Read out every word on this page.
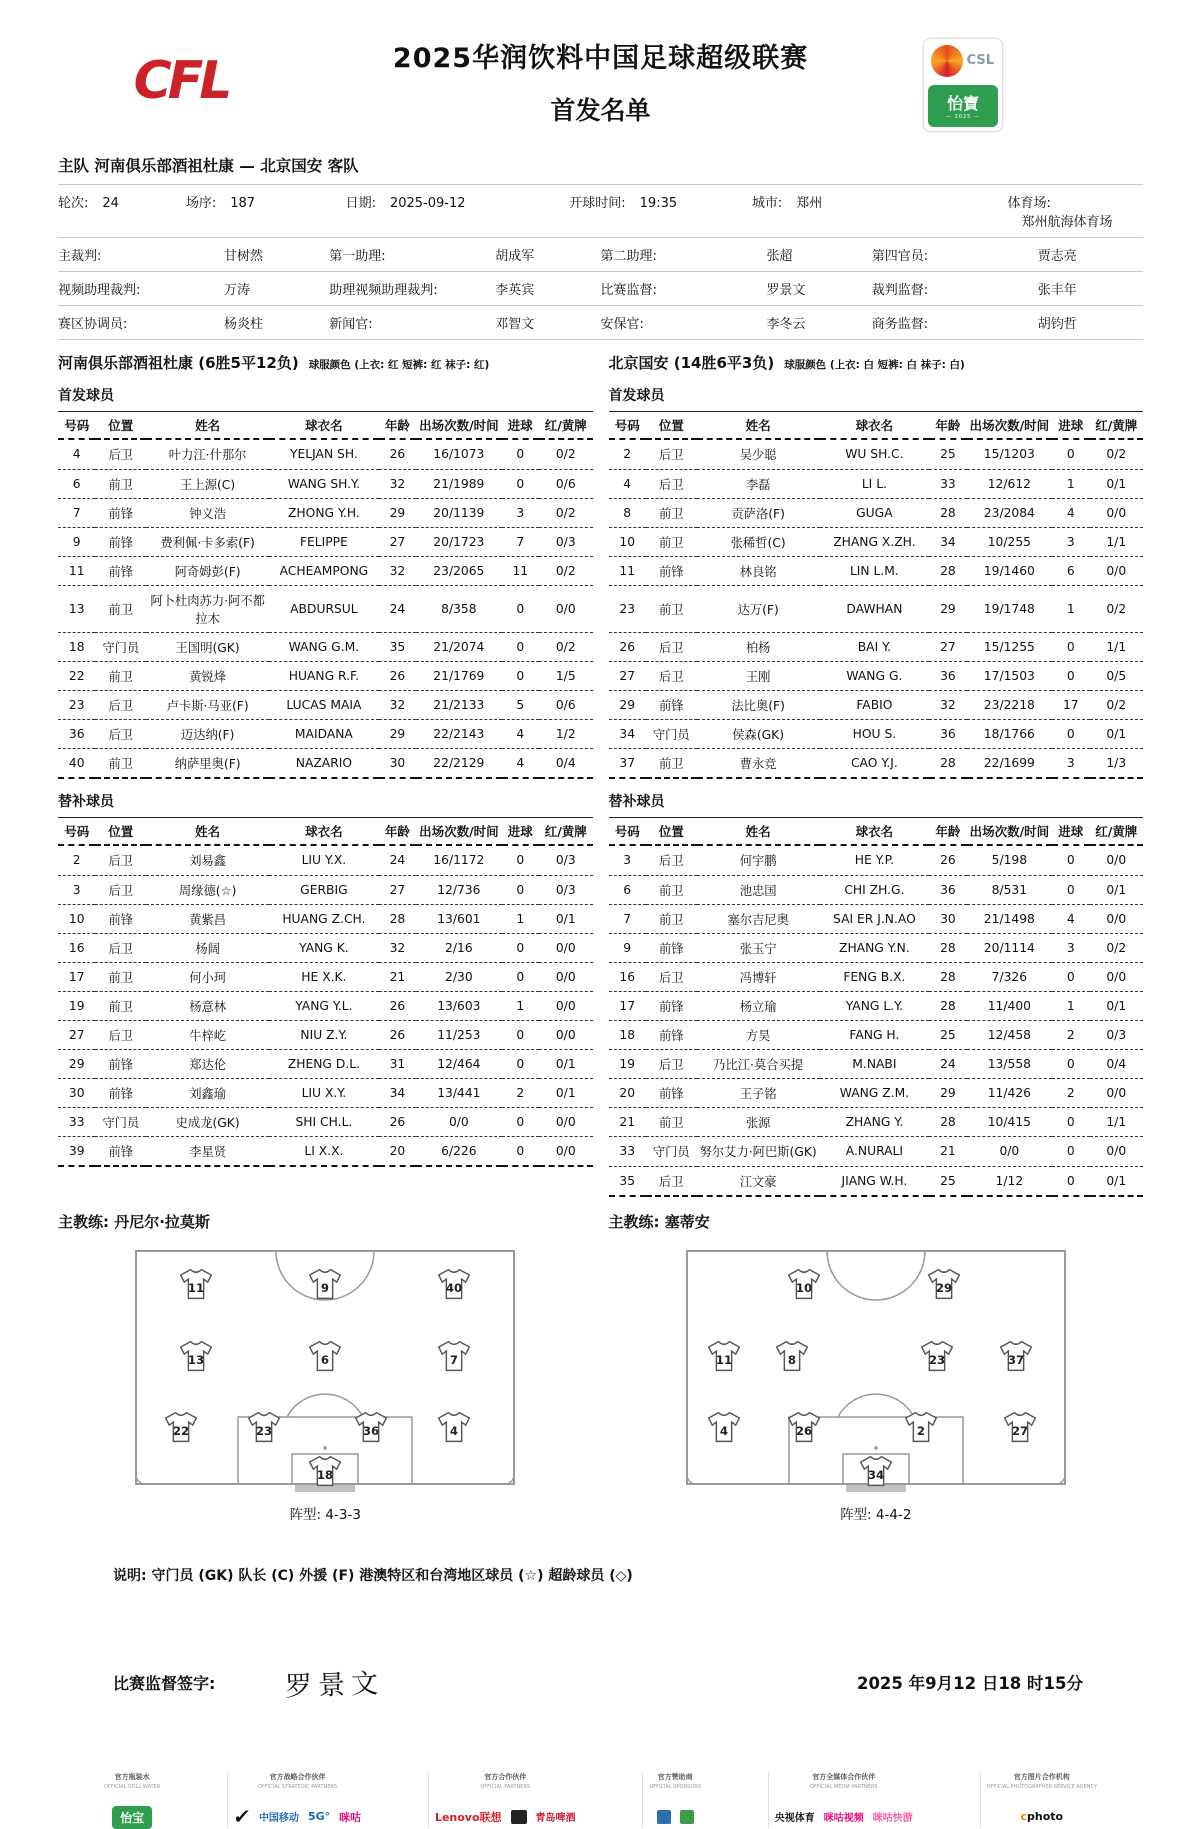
CFL	2025华润饮料中国足球超级联赛
首发名单
CSL
怡寶
— 2025 —
主队 河南俱乐部酒祖杜康 — 北京国安 客队
轮次: 24	场序: 187	日期: 2025-09-12	开球时间: 19:35	城市: 郑州	体育场:郑州航海体育场
主裁判:	甘树然	第一助理:	胡成军	第二助理:	张超	第四官员:	贾志亮
视频助理裁判:	万涛	助理视频助理裁判:	李英宾	比赛监督:	罗景文	裁判监督:	张丰年
赛区协调员:	杨炎柱	新闻官:	邓智文	安保官:	李冬云	商务监督:	胡钧哲
河南俱乐部酒祖杜康 (6胜5平12负) 球服颜色 (上衣: 红 短裤: 红 袜子: 红)	北京国安 (14胜6平3负) 球服颜色 (上衣: 白 短裤: 白 袜子: 白)
首发球员
号码	位置	姓名	球衣名	年龄	出场次数/时间	进球	红/黄牌
4	后卫	叶力江·什那尔	YELJAN SH.	26	16/1073	0	0/2
6	前卫	王上源(C)	WANG SH.Y.	32	21/1989	0	0/6
7	前锋	钟义浩	ZHONG Y.H.	29	20/1139	3	0/2
9	前锋	费利佩·卡多索(F)	FELIPPE	27	20/1723	7	0/3
11	前锋	阿奇姆彭(F)	ACHEAMPONG	32	23/2065	11	0/2
13	前卫	阿卜杜肉苏力·阿不都拉木	ABDURSUL	24	8/358	0	0/0
18	守门员	王国明(GK)	WANG G.M.	35	21/2074	0	0/2
22	前卫	黄锐烽	HUANG R.F.	26	21/1769	0	1/5
23	后卫	卢卡斯·马亚(F)	LUCAS MAIA	32	21/2133	5	0/6
36	后卫	迈达纳(F)	MAIDANA	29	22/2143	4	1/2
40	前卫	纳萨里奥(F)	NAZARIO	30	22/2129	4	0/4
首发球员
号码	位置	姓名	球衣名	年龄	出场次数/时间	进球	红/黄牌
2	后卫	吴少聪	WU SH.C.	25	15/1203	0	0/2
4	后卫	李磊	LI L.	33	12/612	1	0/1
8	前卫	贡萨洛(F)	GUGA	28	23/2084	4	0/0
10	前卫	张稀哲(C)	ZHANG X.ZH.	34	10/255	3	1/1
11	前锋	林良铭	LIN L.M.	28	19/1460	6	0/0
23	前卫	达万(F)	DAWHAN	29	19/1748	1	0/2
26	后卫	柏杨	BAI Y.	27	15/1255	0	1/1
27	后卫	王刚	WANG G.	36	17/1503	0	0/5
29	前锋	法比奥(F)	FABIO	32	23/2218	17	0/2
34	守门员	侯森(GK)	HOU S.	36	18/1766	0	0/1
37	前卫	曹永竞	CAO Y.J.	28	22/1699	3	1/3
替补球员
号码	位置	姓名	球衣名	年龄	出场次数/时间	进球	红/黄牌
2	后卫	刘易鑫	LIU Y.X.	24	16/1172	0	0/3
3	后卫	周缘德(☆)	GERBIG	27	12/736	0	0/3
10	前锋	黄紫昌	HUANG Z.CH.	28	13/601	1	0/1
16	后卫	杨阔	YANG K.	32	2/16	0	0/0
17	前卫	何小珂	HE X.K.	21	2/30	0	0/0
19	前卫	杨意林	YANG Y.L.	26	13/603	1	0/0
27	后卫	牛梓屹	NIU Z.Y.	26	11/253	0	0/0
29	前锋	郑达伦	ZHENG D.L.	31	12/464	0	0/1
30	前锋	刘鑫瑜	LIU X.Y.	34	13/441	2	0/1
33	守门员	史成龙(GK)	SHI CH.L.	26	0/0	0	0/0
39	前锋	李星贤	LI X.X.	20	6/226	0	0/0
替补球员
号码	位置	姓名	球衣名	年龄	出场次数/时间	进球	红/黄牌
3	后卫	何宇鹏	HE Y.P.	26	5/198	0	0/0
6	前卫	池忠国	CHI ZH.G.	36	8/531	0	0/1
7	前卫	塞尔吉尼奥	SAI ER J.N.AO	30	21/1498	4	0/0
9	前锋	张玉宁	ZHANG Y.N.	28	20/1114	3	0/2
16	后卫	冯博轩	FENG B.X.	28	7/326	0	0/0
17	前锋	杨立瑜	YANG L.Y.	28	11/400	1	0/1
18	前锋	方昊	FANG H.	25	12/458	2	0/3
19	后卫	乃比江·莫合买提	M.NABI	24	13/558	0	0/4
20	前锋	王子铭	WANG Z.M.	29	11/426	2	0/0
21	前卫	张源	ZHANG Y.	28	10/415	0	1/1
33	守门员	努尔艾力·阿巴斯(GK)	A.NURALI	21	0/0	0	0/0
35	后卫	江文豪	JIANG W.H.	25	1/12	0	0/1
主教练: 丹尼尔·拉莫斯	主教练: 塞蒂安
11	9	40
13	6	7
22	23	36	4
18
阵型: 4-3-3
10	29
11	8	23	37
4	26	2	27
34
阵型: 4-4-2
说明: 守门员 (GK) 队长 (C) 外援 (F) 港澳特区和台湾地区球员 (☆) 超龄球员 (◇)
比赛监督签字:	罗景文	2025 年9月12 日18 时15分
官方瓶装水
OFFICIAL STILL WATER
怡宝
官方战略合作伙伴
OFFICIAL STRATEGIC PARTNERS
✔ 中国移动 5G° 咪咕
官方合作伙伴
OFFICIAL PARTNERS
Lenovo联想	青岛啤酒
官方赞助商
OFFICIAL SPONSORS
官方全媒体合作伙伴
OFFICIAL MEDIA PARTNERS
央视体育 咪咕视频 咪咕快游
官方图片合作机构
OFFICIAL PHOTOGRAPHER SERVICE AGENCY
cphoto
